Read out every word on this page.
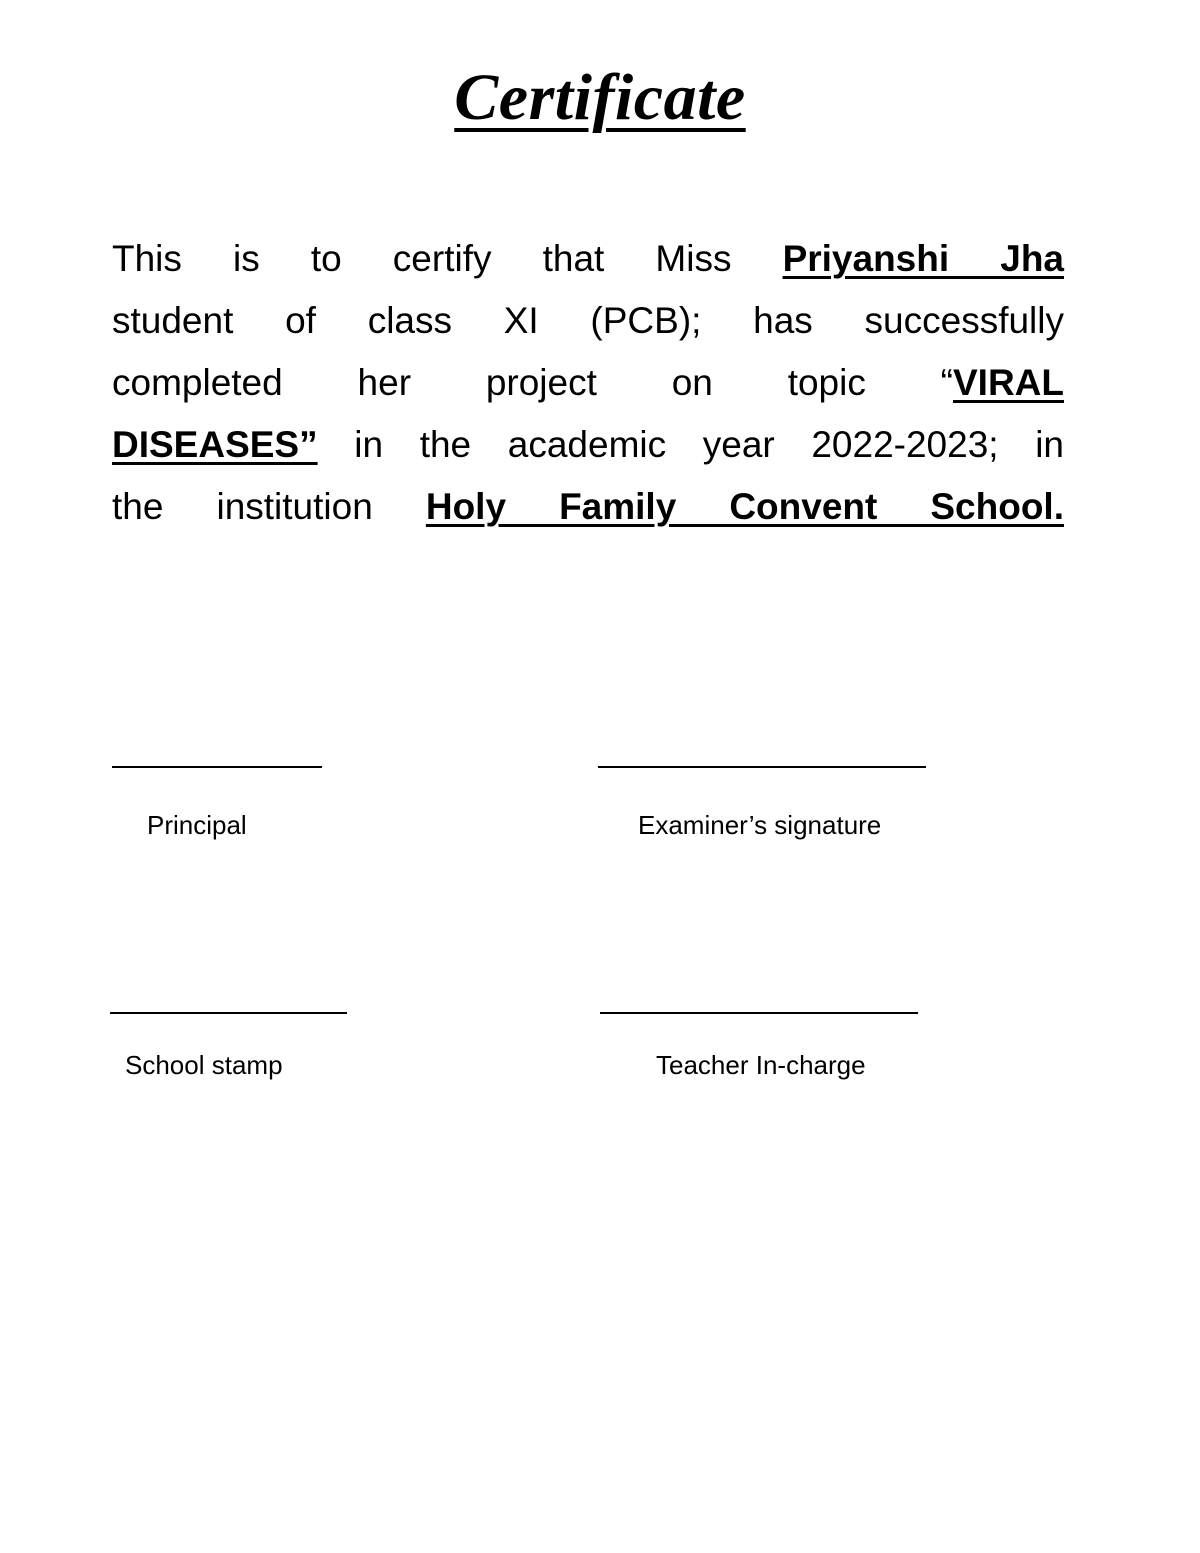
Certificate
This is to certify that Miss Priyanshi Jha
student of class XI (PCB); has successfully
completed her project on topic “VIRAL
DISEASES” in the academic year 2022-2023; in
the institution Holy Family Convent School.
Principal	Examiner’s signature
School stamp	Teacher In-charge
